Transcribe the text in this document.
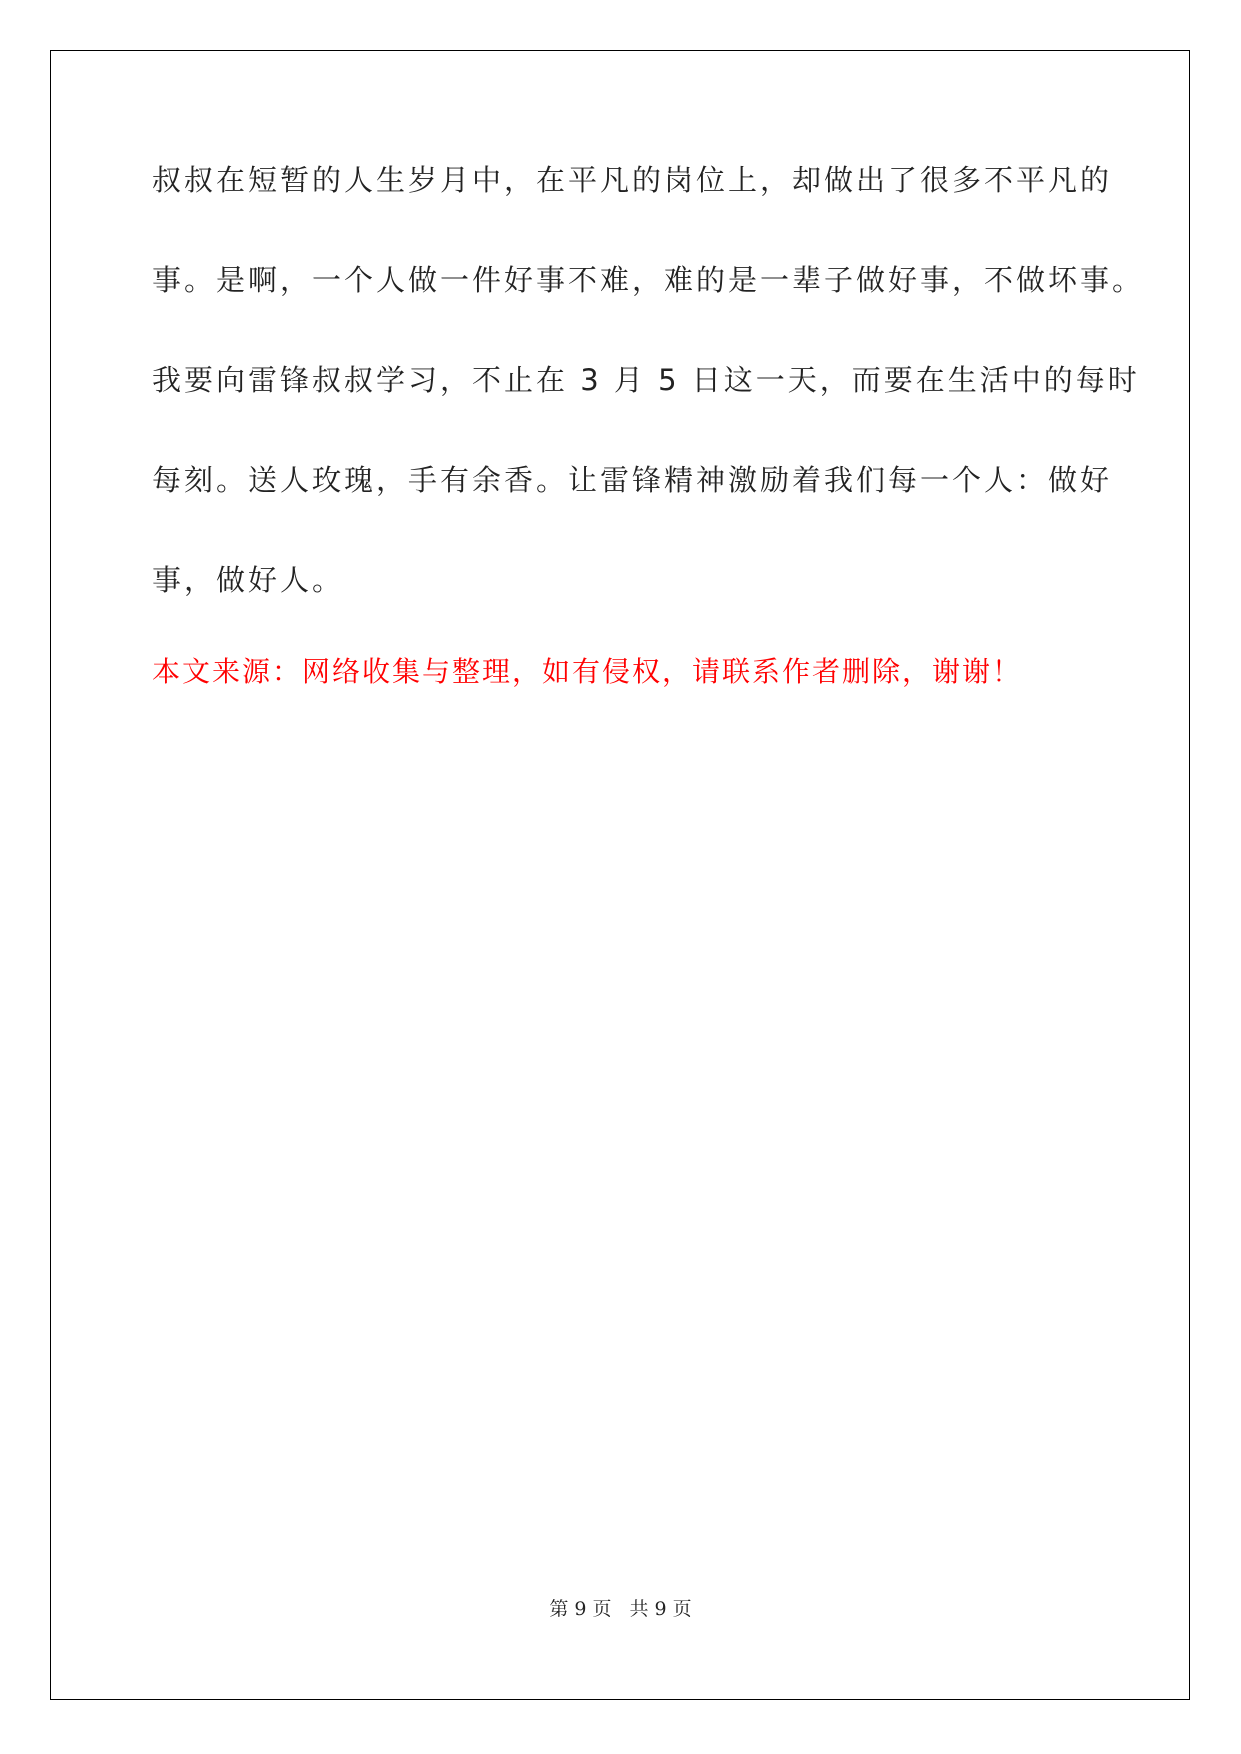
叔叔在短暂的人生岁月中，在平凡的岗位上，却做出了很多不平凡的
事。是啊，一个人做一件好事不难，难的是一辈子做好事，不做坏事。
我要向雷锋叔叔学习，不止在 3 月 5 日这一天，而要在生活中的每时
每刻。送人玫瑰，手有余香。让雷锋精神激励着我们每一个人：做好
事，做好人。
本文来源：网络收集与整理，如有侵权，请联系作者删除，谢谢！
第 9 页 共 9 页
